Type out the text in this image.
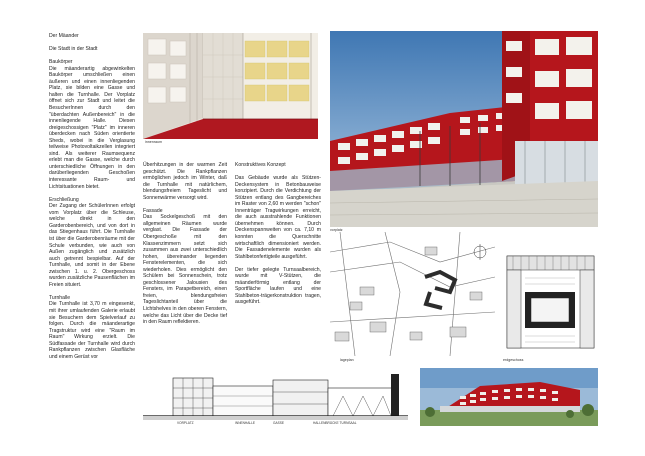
Der Mäander

Die Stadt in der Stadt

Baukörper

Die mäanderartig abgewinkelten Baukörper umschließen einen äußeren und einen innenliegenden Platz, sie bilden eine Gasse und halten die Turnhalle. Der Vorplatz öffnet sich zur Stadt und leitet die BesucherInnen durch den "überdachten Außenbereich" in die innenliegende Halle. Diesen dreigeschossigen "Platz" im inneren überdecken nach Süden orientierte Sheds, wobei in die Verglasung teilweise Photovoltaikzellen integriert sind. Als weiterer Raumsequenz erlebt man die Gasse, welche durch unterschiedliche Öffnungen in den darüberliegenden Geschoßen interessante Raum- und Lichtsituationen bietet.

Erschließung

Der Zugang der SchülerInnen erfolgt vom Vorplatz über die Schleuse, welche direkt in den Garderobenbereich, und von dort in das Stiegenhaus führt. Die Turnhalle ist über die Garderobenräume mit der Schule verbunden, wie auch von Außen zugänglich und zusätzlich auch getrennt bespielbar. Auf der Turnhalle, und somit in der Ebene zwischen 1. u. 2. Obergeschoss wurden zusätzliche Pausenflächen im Freien situiert.

Turnhalle

Die Turnhalle ist 3,70 m eingesenkt, mit ihrer umlaufenden Galerie erlaubt sie Besuchern dem Spielverlauf zu folgen. Durch die mäanderartige Tragstruktur wird eine "Raum im Raum" Wirkung erzielt. Die Südfassade der Turnhalle wird durch Rankpflanzen zwischen Glasfläche und einem Gerüst vor

Überhitzungen in der warmen Zeit geschützt. Die Rankpflanzen ermöglichen jedoch im Winter, daß die Turnhalle mit natürlichem, blendungsfreiem Tageslicht und Sonnenwärme versorgt wird.

Fassade

Das Sockelgeschoß mit den allgemeinen Räumen wurde verglast. Die Fassade der Obergeschoße mit den Klassenzimmern setzt sich zusammen aus zwei unterschiedlich hohen, übereinander liegenden Fensterelementen, die sich wiederholen. Dies ermöglicht den Schülern bei Sonnenschein, trotz geschlossener Jalousien des Fensters, im Parapetbereich, einen freien, blendungsfreien Tageslichtanteil über die Lichtshelves in den oberen Fenstern, welche das Licht über die Decke tief in den Raum reflektieren.

Konstruktives Konzept

Das Gebäude wurde als Stützen-Deckensystem in Betonbauweise konzipiert. Durch die Verdichtung der Stützen entlang des Gangbereiches im Raster von 2,60 m werden "schon" Innenträger Tragwirkungen erreicht, die auch ausstrahlende Funktionen übernehmen können. Durch Deckenspannweiten von ca. 7,10 m konnten die Querschnitte wirtschaftlich dimensioniert werden. Die Fassadenelemente wurden als Stahlbetonfertigteile ausgeführt.

Der tiefer gelegte Turnsaalbereich, wurde mit V-Stützen, die mäanderförmig entlang der Sportfläche laufen und eine Stahlbeton-trägerkonstruktion tragen, ausgeführt.

innenraum
vorplatz
lageplan	erdgeschoss
VORPLATZ	INNENHALLE	GASSE	HALLENBRÜCKE TURNSAAL
